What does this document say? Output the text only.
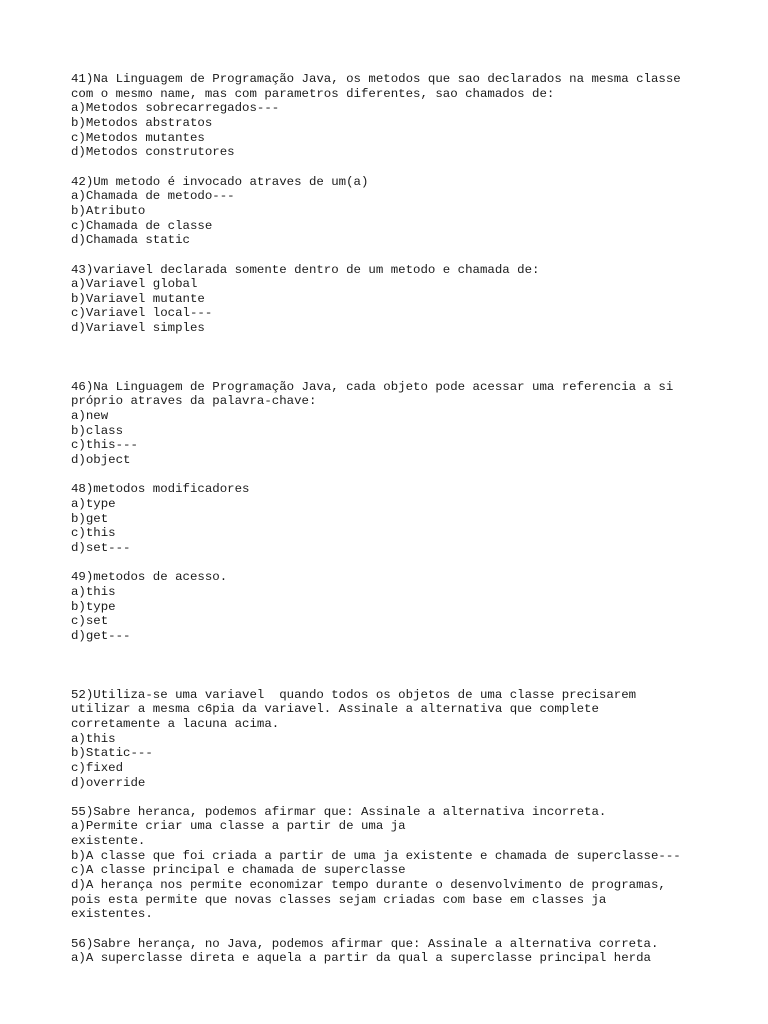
41)Na Linguagem de Programação Java, os metodos que sao declarados na mesma classe
com o mesmo name, mas com parametros diferentes, sao chamados de:
a)Metodos sobrecarregados---
b)Metodos abstratos
c)Metodos mutantes
d)Metodos construtores
42)Um metodo é invocado atraves de um(a)
a)Chamada de metodo---
b)Atributo
c)Chamada de classe
d)Chamada static
43)variavel declarada somente dentro de um metodo e chamada de:
a)Variavel global
b)Variavel mutante
c)Variavel local---
d)Variavel simples
46)Na Linguagem de Programação Java, cada objeto pode acessar uma referencia a si
próprio atraves da palavra-chave:
a)new
b)class
c)this---
d)object
48)metodos modificadores
a)type
b)get
c)this
d)set---
49)metodos de acesso.
a)this
b)type
c)set
d)get---
52)Utiliza-se uma variavel  quando todos os objetos de uma classe precisarem
utilizar a mesma c6pia da variavel. Assinale a alternativa que complete
corretamente a lacuna acima.
a)this
b)Static---
c)fixed
d)override
55)Sabre heranca, podemos afirmar que: Assinale a alternativa incorreta.
a)Permite criar uma classe a partir de uma ja
existente.
b)A classe que foi criada a partir de uma ja existente e chamada de superclasse---
c)A classe principal e chamada de superclasse
d)A herança nos permite economizar tempo durante o desenvolvimento de programas,
pois esta permite que novas classes sejam criadas com base em classes ja
existentes.
56)Sabre herança, no Java, podemos afirmar que: Assinale a alternativa correta.
a)A superclasse direta e aquela a partir da qual a superclasse principal herda
